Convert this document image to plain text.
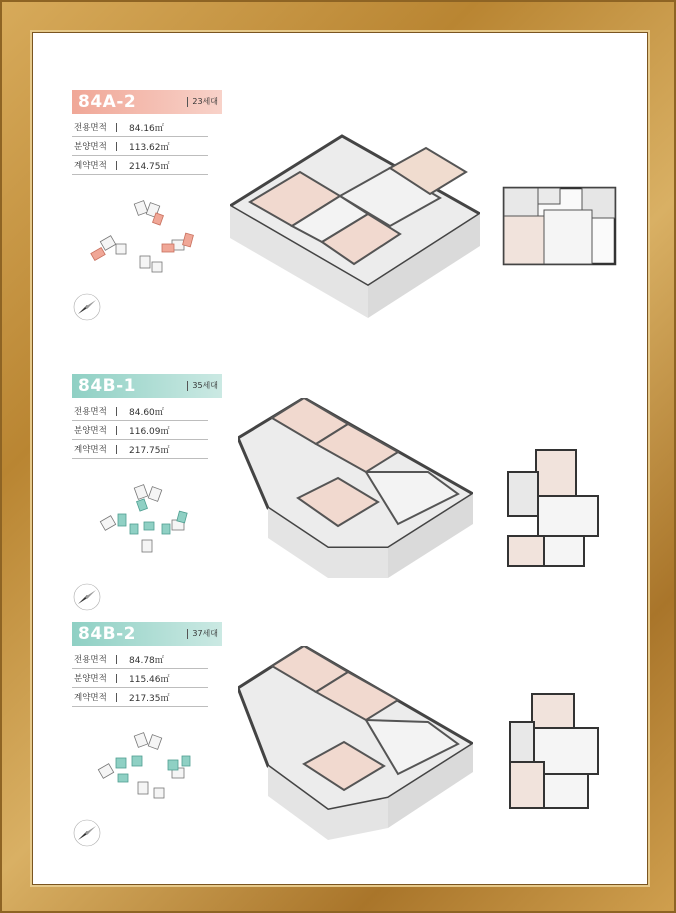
84A-2	23세대
전용면적	84.16㎡
분양면적	113.62㎡
계약면적	214.75㎡
84B-1	35세대
전용면적	84.60㎡
분양면적	116.09㎡
계약면적	217.75㎡
84B-2	37세대
전용면적	84.78㎡
분양면적	115.46㎡
계약면적	217.35㎡
